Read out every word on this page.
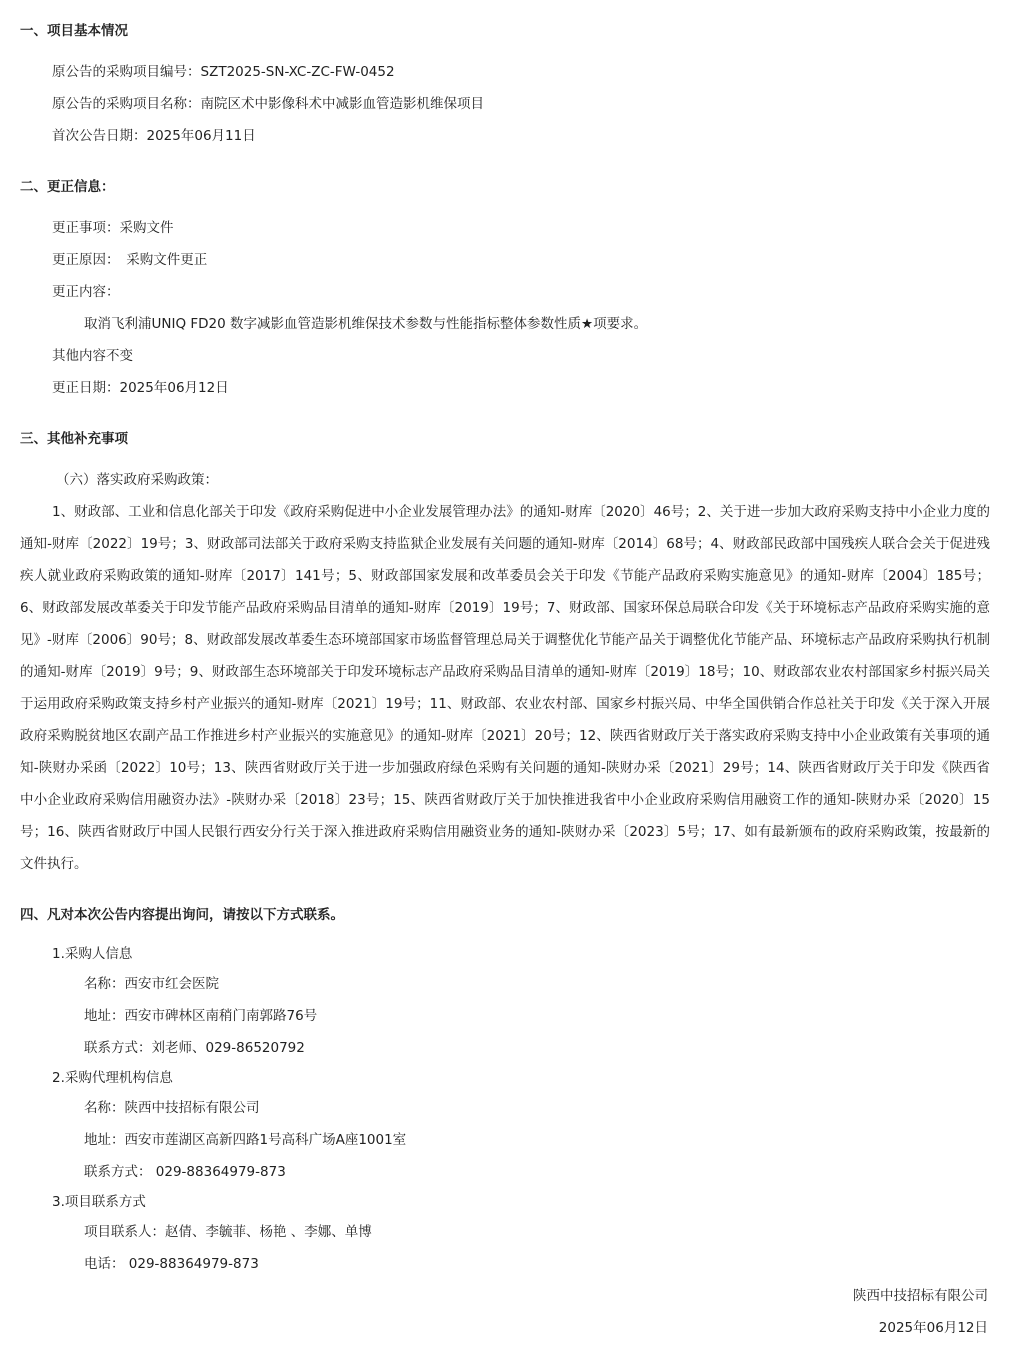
一、项目基本情况
原公告的采购项目编号：SZT2025-SN-XC-ZC-FW-0452
原公告的采购项目名称：南院区术中影像科术中减影血管造影机维保项目
首次公告日期：2025年06月11日
二、更正信息：
更正事项：采购文件
更正原因：　采购文件更正
更正内容：
取消飞利浦UNIQ FD20 数字减影血管造影机维保技术参数与性能指标整体参数性质★项要求。
其他内容不变
更正日期：2025年06月12日
三、其他补充事项
（六）落实政府采购政策：
1、财政部、工业和信息化部关于印发《政府采购促进中小企业发展管理办法》的通知-财库〔2020〕46号；2、关于进一步加大政府采购支持中小企业力度的通知-财库〔2022〕19号；3、财政部司法部关于政府采购支持监狱企业发展有关问题的通知-财库〔2014〕68号；4、财政部民政部中国残疾人联合会关于促进残疾人就业政府采购政策的通知-财库〔2017〕141号；5、财政部国家发展和改革委员会关于印发《节能产品政府采购实施意见》的通知-财库〔2004〕185号；6、财政部发展改革委关于印发节能产品政府采购品目清单的通知-财库〔2019〕19号；7、财政部、国家环保总局联合印发《关于环境标志产品政府采购实施的意见》-财库〔2006〕90号；8、财政部发展改革委生态环境部国家市场监督管理总局关于调整优化节能产品关于调整优化节能产品、环境标志产品政府采购执行机制的通知-财库〔2019〕9号；9、财政部生态环境部关于印发环境标志产品政府采购品目清单的通知-财库〔2019〕18号；10、财政部农业农村部国家乡村振兴局关于运用政府采购政策支持乡村产业振兴的通知-财库〔2021〕19号；11、财政部、农业农村部、国家乡村振兴局、中华全国供销合作总社关于印发《关于深入开展政府采购脱贫地区农副产品工作推进乡村产业振兴的实施意见》的通知-财库〔2021〕20号；12、陕西省财政厅关于落实政府采购支持中小企业政策有关事项的通知-陕财办采函〔2022〕10号；13、陕西省财政厅关于进一步加强政府绿色采购有关问题的通知-陕财办采〔2021〕29号；14、陕西省财政厅关于印发《陕西省中小企业政府采购信用融资办法》-陕财办采〔2018〕23号；15、陕西省财政厅关于加快推进我省中小企业政府采购信用融资工作的通知-陕财办采〔2020〕15号；16、陕西省财政厅中国人民银行西安分行关于深入推进政府采购信用融资业务的通知-陕财办采〔2023〕5号；17、如有最新颁布的政府采购政策，按最新的文件执行。
四、凡对本次公告内容提出询问，请按以下方式联系。
1.采购人信息
名称：西安市红会医院
地址：西安市碑林区南稍门南郭路76号
联系方式：刘老师、029-86520792
2.采购代理机构信息
名称：陕西中技招标有限公司
地址：西安市莲湖区高新四路1号高科广场A座1001室
联系方式： 029-88364979-873
3.项目联系方式
项目联系人：赵倩、李毓菲、杨艳 、李娜、单博
电话： 029-88364979-873
陕西中技招标有限公司
2025年06月12日
